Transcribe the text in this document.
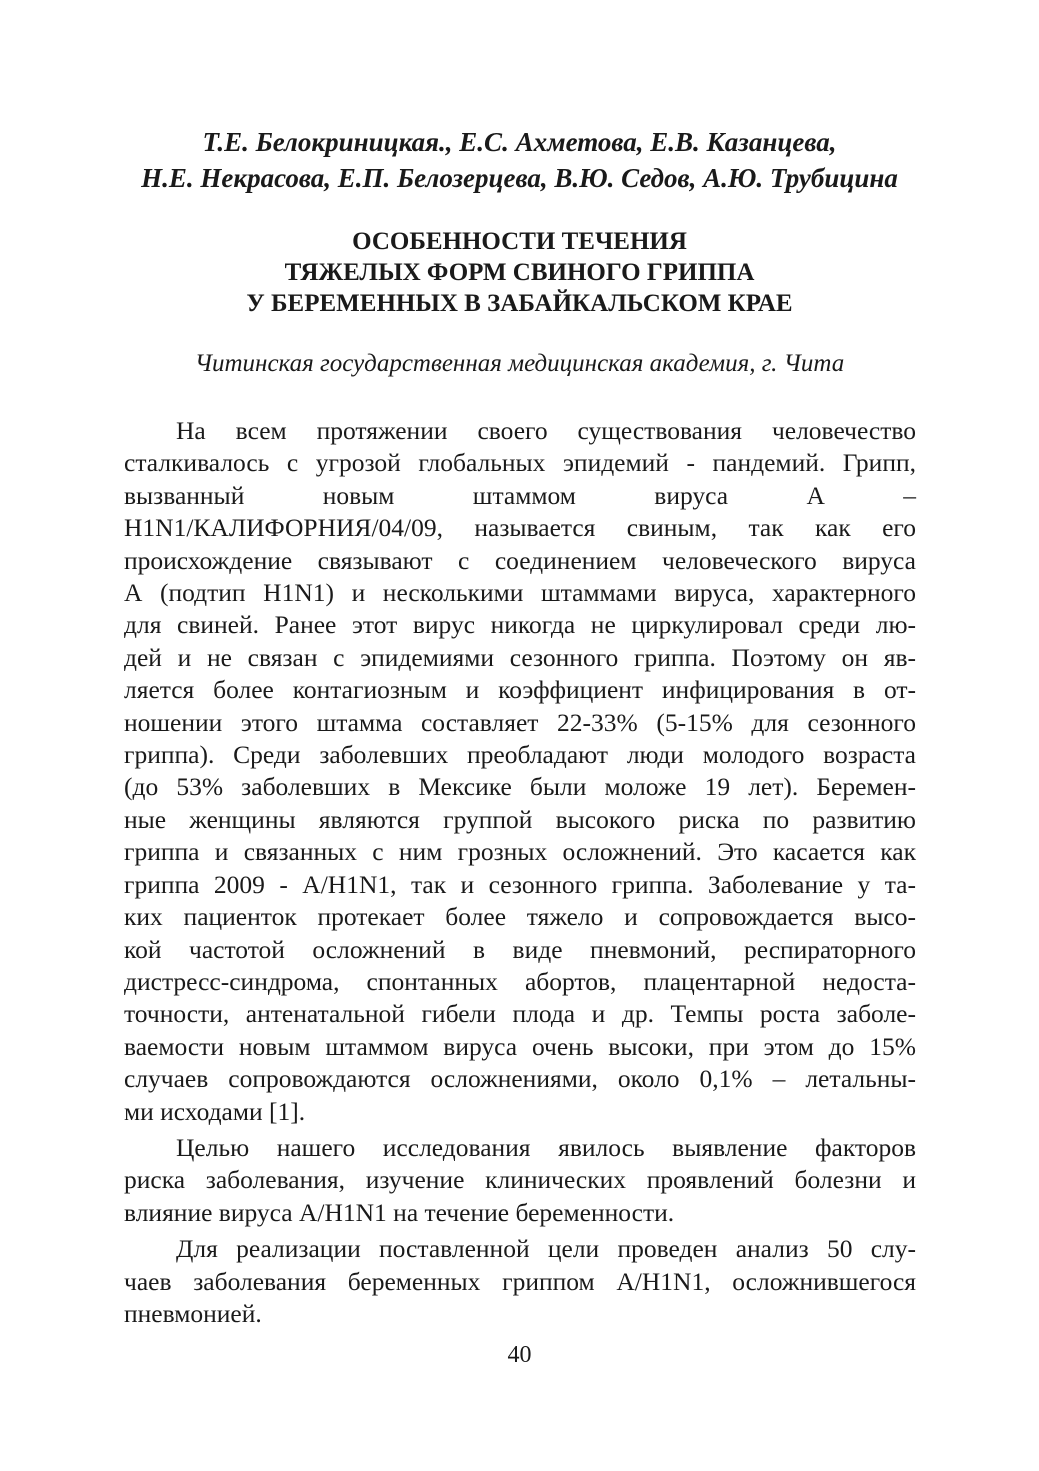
Т.Е. Белокриницкая., Е.С. Ахметова, Е.В. Казанцева,
Н.Е. Некрасова, Е.П. Белозерцева, В.Ю. Седов, А.Ю. Трубицина
ОСОБЕННОСТИ ТЕЧЕНИЯ
ТЯЖЕЛЫХ ФОРМ СВИНОГО ГРИППА
У БЕРЕМЕННЫХ В ЗАБАЙКАЛЬСКОМ КРАЕ
Читинская государственная медицинская академия, г. Чита
На всем протяжении своего существования человечество
сталкивалось с угрозой глобальных эпидемий - пандемий. Грипп,
вызванный новым штаммом вируса А –
H1N1/КАЛИФОРНИЯ/04/09, называется свиным, так как его
происхождение связывают с соединением человеческого вируса
А (подтип H1N1) и несколькими штаммами вируса, характерного
для свиней. Ранее этот вирус никогда не циркулировал среди лю-
дей и не связан с эпидемиями сезонного гриппа. Поэтому он яв-
ляется более контагиозным и коэффициент инфицирования в от-
ношении этого штамма составляет 22-33% (5-15% для сезонного
гриппа). Среди заболевших преобладают люди молодого возраста
(до 53% заболевших в Мексике были моложе 19 лет). Беремен-
ные женщины являются группой высокого риска по развитию
гриппа и связанных с ним грозных осложнений. Это касается как
гриппа 2009 - А/H1N1, так и сезонного гриппа. Заболевание у та-
ких пациенток протекает более тяжело и сопровождается высо-
кой частотой осложнений в виде пневмоний, респираторного
дистресс-синдрома, спонтанных абортов, плацентарной недоста-
точности, антенатальной гибели плода и др. Темпы роста заболе-
ваемости новым штаммом вируса очень высоки, при этом до 15%
случаев сопровождаются осложнениями, около 0,1% – летальны-
ми исходами [1].
Целью нашего исследования явилось выявление факторов
риска заболевания, изучение клинических проявлений болезни и
влияние вируса А/H1N1 на течение беременности.
Для реализации поставленной цели проведен анализ 50 слу-
чаев заболевания беременных гриппом А/H1N1, осложнившегося
пневмонией.
40
